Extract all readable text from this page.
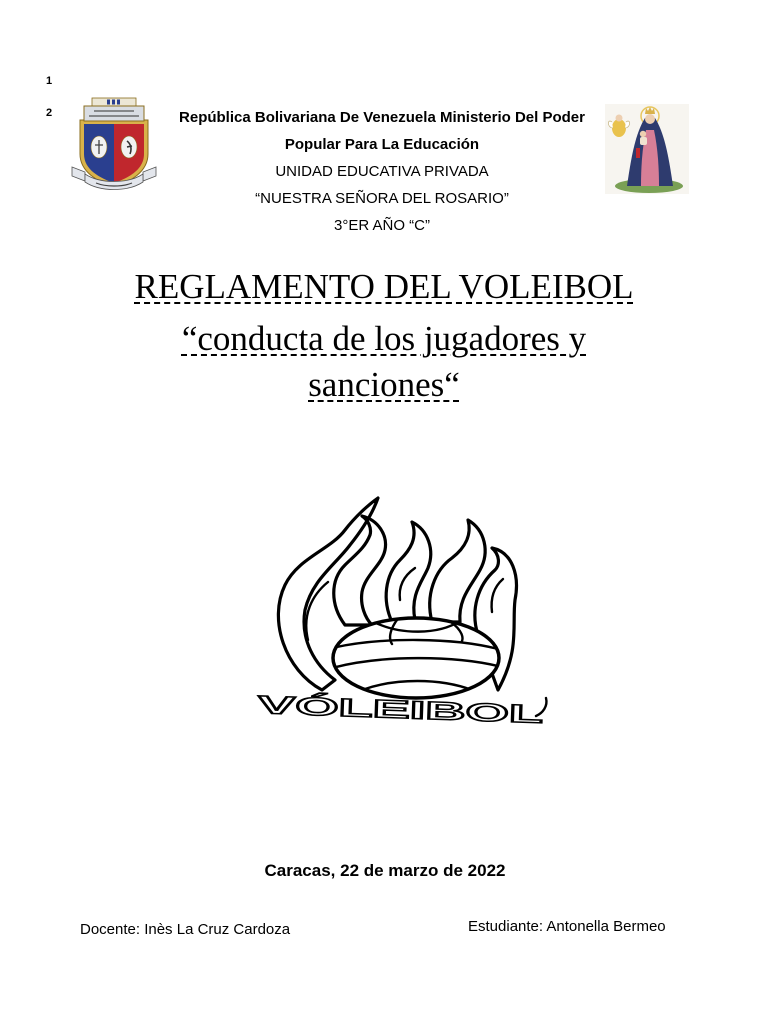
1
2	República Bolivariana De Venezuela Ministerio Del Poder
Popular Para La Educación
UNIDAD EDUCATIVA PRIVADA
“NUESTRA SEÑORA DEL ROSARIO”
3°ER AÑO “C”
REGLAMENTO DEL VOLEIBOL
“conducta de los jugadores y
sanciones“
VÓLEIBOL
Caracas, 22 de marzo de 2022
Docente: Inès La Cruz Cardoza	Estudiante: Antonella Bermeo
